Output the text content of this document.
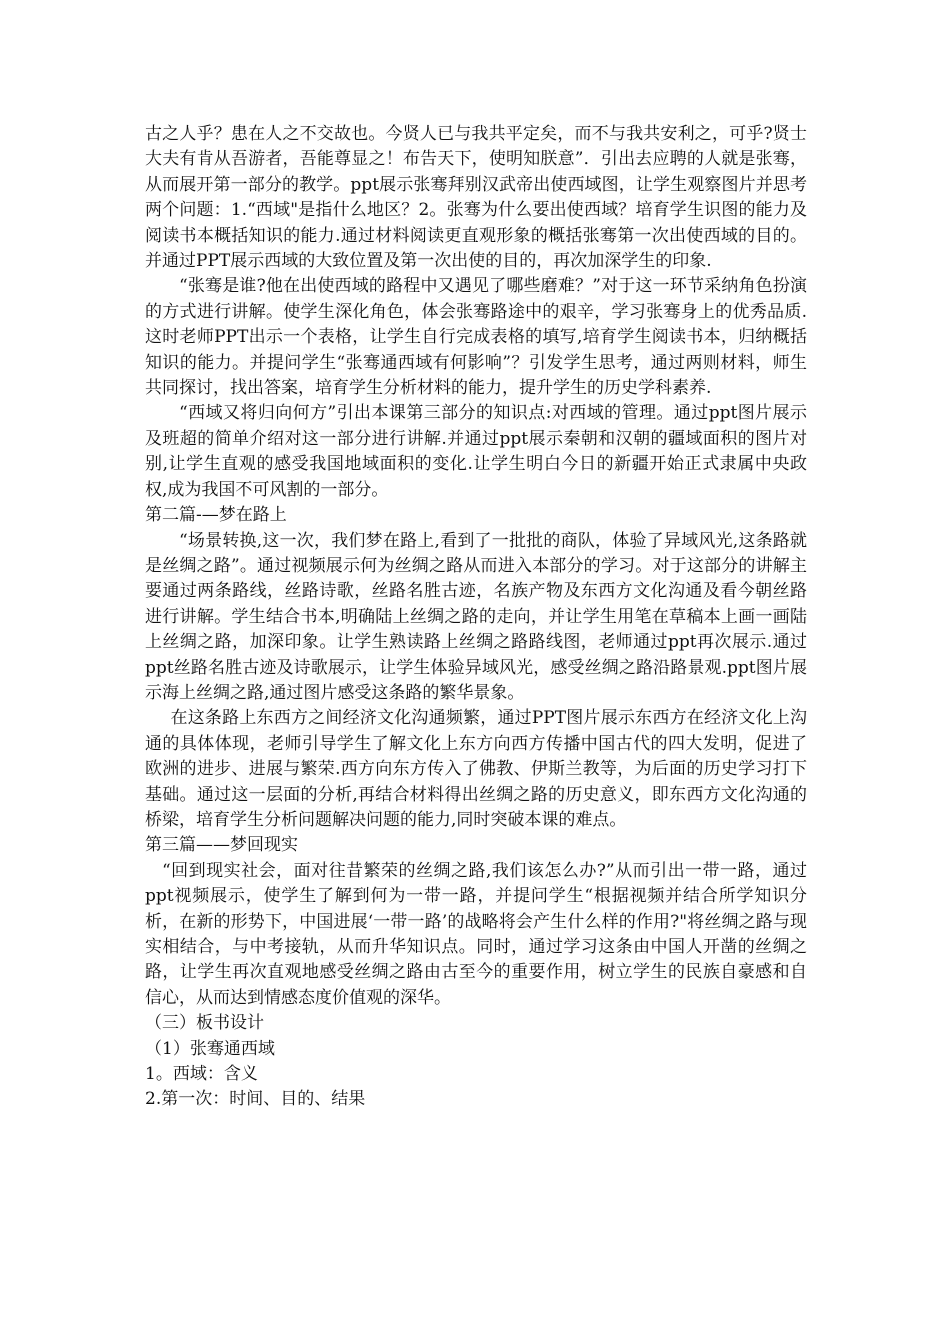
古之人乎？患在人之不交故也。今贤人已与我共平定矣，而不与我共安利之，可乎?贤士大夫有肯从吾游者，吾能尊显之！布告天下，使明知朕意”．引出去应聘的人就是张骞，从而展开第一部分的教学。ppt展示张骞拜别汉武帝出使西域图，让学生观察图片并思考两个问题：1.“西域"是指什么地区？2。张骞为什么要出使西域？培育学生识图的能力及阅读书本概括知识的能力.通过材料阅读更直观形象的概括张骞第一次出使西域的目的。并通过PPT展示西域的大致位置及第一次出使的目的，再次加深学生的印象.

“张骞是谁?他在出使西域的路程中又遇见了哪些磨难？”对于这一环节采纳角色扮演的方式进行讲解。使学生深化角色，体会张骞路途中的艰辛，学习张骞身上的优秀品质.这时老师PPT出示一个表格，让学生自行完成表格的填写,培育学生阅读书本，归纳概括知识的能力。并提问学生“张骞通西域有何影响”？引发学生思考，通过两则材料，师生共同探讨，找出答案，培育学生分析材料的能力，提升学生的历史学科素养.

“西域又将归向何方”引出本课第三部分的知识点:对西域的管理。通过ppt图片展示及班超的简单介绍对这一部分进行讲解.并通过ppt展示秦朝和汉朝的疆域面积的图片对别,让学生直观的感受我国地域面积的变化.让学生明白今日的新疆开始正式隶属中央政权,成为我国不可风割的一部分。

第二篇-—梦在路上

“场景转换,这一次，我们梦在路上,看到了一批批的商队，体验了异域风光,这条路就是丝绸之路”。通过视频展示何为丝绸之路从而进入本部分的学习。对于这部分的讲解主要通过两条路线，丝路诗歌，丝路名胜古迹，名族产物及东西方文化沟通及看今朝丝路进行讲解。学生结合书本,明确陆上丝绸之路的走向，并让学生用笔在草稿本上画一画陆上丝绸之路，加深印象。让学生熟读路上丝绸之路路线图，老师通过ppt再次展示.通过ppt丝路名胜古迹及诗歌展示，让学生体验异域风光，感受丝绸之路沿路景观.ppt图片展示海上丝绸之路,通过图片感受这条路的繁华景象。

在这条路上东西方之间经济文化沟通频繁，通过PPT图片展示东西方在经济文化上沟通的具体体现，老师引导学生了解文化上东方向西方传播中国古代的四大发明，促进了欧洲的进步、进展与繁荣.西方向东方传入了佛教、伊斯兰教等，为后面的历史学习打下基础。通过这一层面的分析,再结合材料得出丝绸之路的历史意义，即东西方文化沟通的桥梁，培育学生分析问题解决问题的能力,同时突破本课的难点。

第三篇——梦回现实

“回到现实社会，面对往昔繁荣的丝绸之路,我们该怎么办?”从而引出一带一路，通过ppt视频展示，使学生了解到何为一带一路，并提问学生“根据视频并结合所学知识分析，在新的形势下，中国进展‘一带一路’的战略将会产生什么样的作用?"将丝绸之路与现实相结合，与中考接轨，从而升华知识点。同时，通过学习这条由中国人开凿的丝绸之路，让学生再次直观地感受丝绸之路由古至今的重要作用，树立学生的民族自豪感和自信心，从而达到情感态度价值观的深华。

（三）板书设计

（1）张骞通西域

1。西域：含义

2.第一次：时间、目的、结果
